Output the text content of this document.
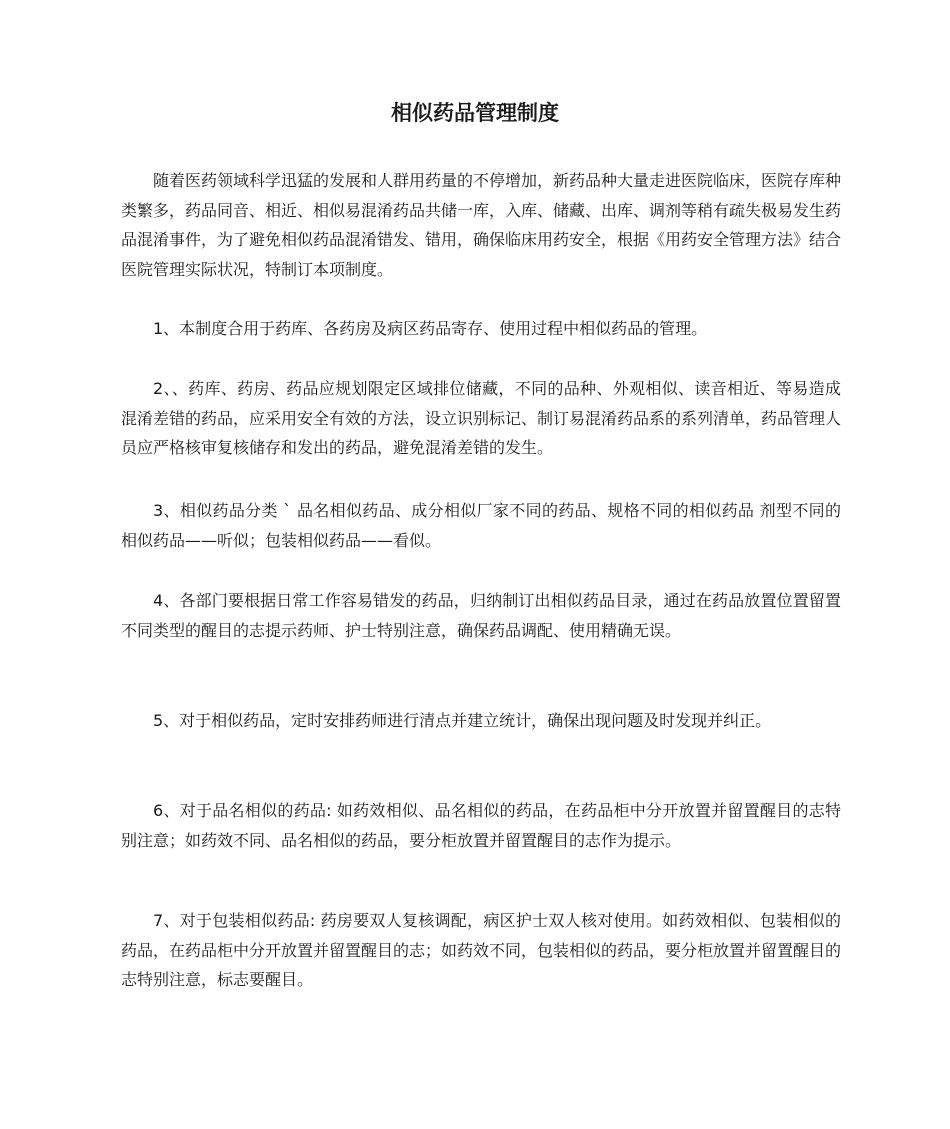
相似药品管理制度

随着医药领域科学迅猛的发展和人群用药量的不停增加，新药品种大量走进医院临床，医院存库种类繁多，药品同音、相近、相似易混淆药品共储一库，入库、储藏、出库、调剂等稍有疏失极易发生药品混淆事件，为了避免相似药品混淆错发、错用，确保临床用药安全，根据《用药安全管理方法》结合医院管理实际状况，特制订本项制度。

1、本制度合用于药库、各药房及病区药品寄存、使用过程中相似药品的管理。

2、、药库、药房、药品应规划限定区域排位储藏，不同的品种、外观相似、读音相近、等易造成混淆差错的药品，应采用安全有效的方法，设立识别标记、制订易混淆药品系的系列清单，药品管理人员应严格核审复核储存和发出的药品，避免混淆差错的发生。

3、相似药品分类 ˋ 品名相似药品、成分相似厂家不同的药品、规格不同的相似药品 剂型不同的相似药品——听似；包装相似药品——看似。

4、各部门要根据日常工作容易错发的药品，归纳制订出相似药品目录，通过在药品放置位置留置不同类型的醒目的志提示药师、护士特别注意，确保药品调配、使用精确无误。

5、对于相似药品，定时安排药师进行清点并建立统计，确保出现问题及时发现并纠正。

6、对于品名相似的药品: 如药效相似、品名相似的药品，在药品柜中分开放置并留置醒目的志特别注意；如药效不同、品名相似的药品，要分柜放置并留置醒目的志作为提示。

7、对于包装相似药品: 药房要双人复核调配，病区护士双人核对使用。如药效相似、包装相似的药品，在药品柜中分开放置并留置醒目的志；如药效不同，包装相似的药品，要分柜放置并留置醒目的志特别注意，标志要醒目。
